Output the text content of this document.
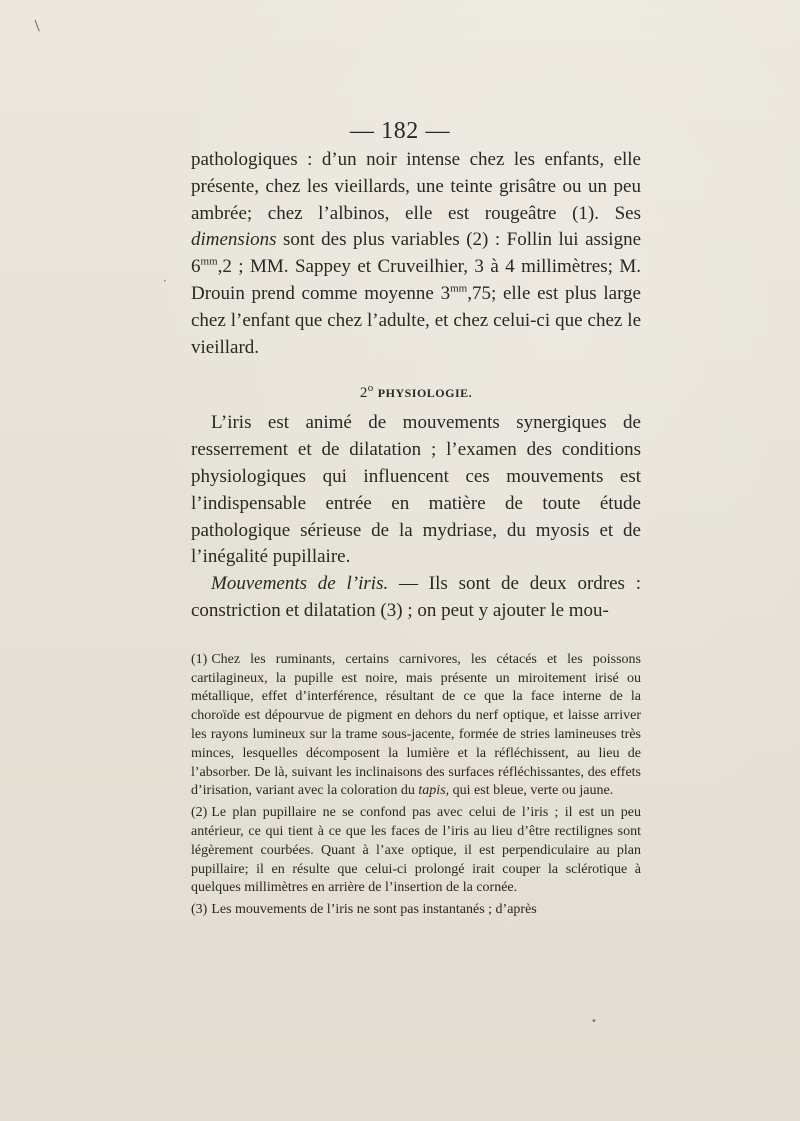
∕
·
•
— 182 —

pathologiques : d’un noir intense chez les enfants, elle présente, chez les vieillards, une teinte grisâtre ou un peu ambrée; chez l’albinos, elle est rougeâtre (1). Ses dimensions sont des plus variables (2) : Follin lui assigne $6^{mm},2$ ; MM. Sappey et Cruveilhier, 3 à 4 millimètres; M. Drouin prend comme moyenne $3^{mm},75$; elle est plus large chez l’enfant que chez l’adulte, et chez celui-ci que chez le vieillard.

2$^o$ PHYSIOLOGIE.

L’iris est animé de mouvements synergiques de resserrement et de dilatation ; l’examen des conditions physiologiques qui influencent ces mouvements est l’indispensable entrée en matière de toute étude pathologique sérieuse de la mydriase, du myosis et de l’inégalité pupillaire.

Mouvements de l’iris. — Ils sont de deux ordres : constriction et dilatation (3) ; on peut y ajouter le mou-

(1) Chez les ruminants, certains carnivores, les cétacés et les poissons cartilagineux, la pupille est noire, mais présente un miroitement irisé ou métallique, effet d’interférence, résultant de ce que la face interne de la choroïde est dépourvue de pigment en dehors du nerf optique, et laisse arriver les rayons lumineux sur la trame sous-jacente, formée de stries lamineuses très minces, lesquelles décomposent la lumière et la réfléchissent, au lieu de l’absorber. De là, suivant les inclinaisons des surfaces réfléchissantes, des effets d’irisation, variant avec la coloration du tapis, qui est bleue, verte ou jaune.

(2) Le plan pupillaire ne se confond pas avec celui de l’iris ; il est un peu antérieur, ce qui tient à ce que les faces de l’iris au lieu d’être rectilignes sont légèrement courbées. Quant à l’axe optique, il est perpendiculaire au plan pupillaire; il en résulte que celui-ci prolongé irait couper la sclérotique à quelques millimètres en arrière de l’insertion de la cornée.

(3) Les mouvements de l’iris ne sont pas instantanés ; d’après
